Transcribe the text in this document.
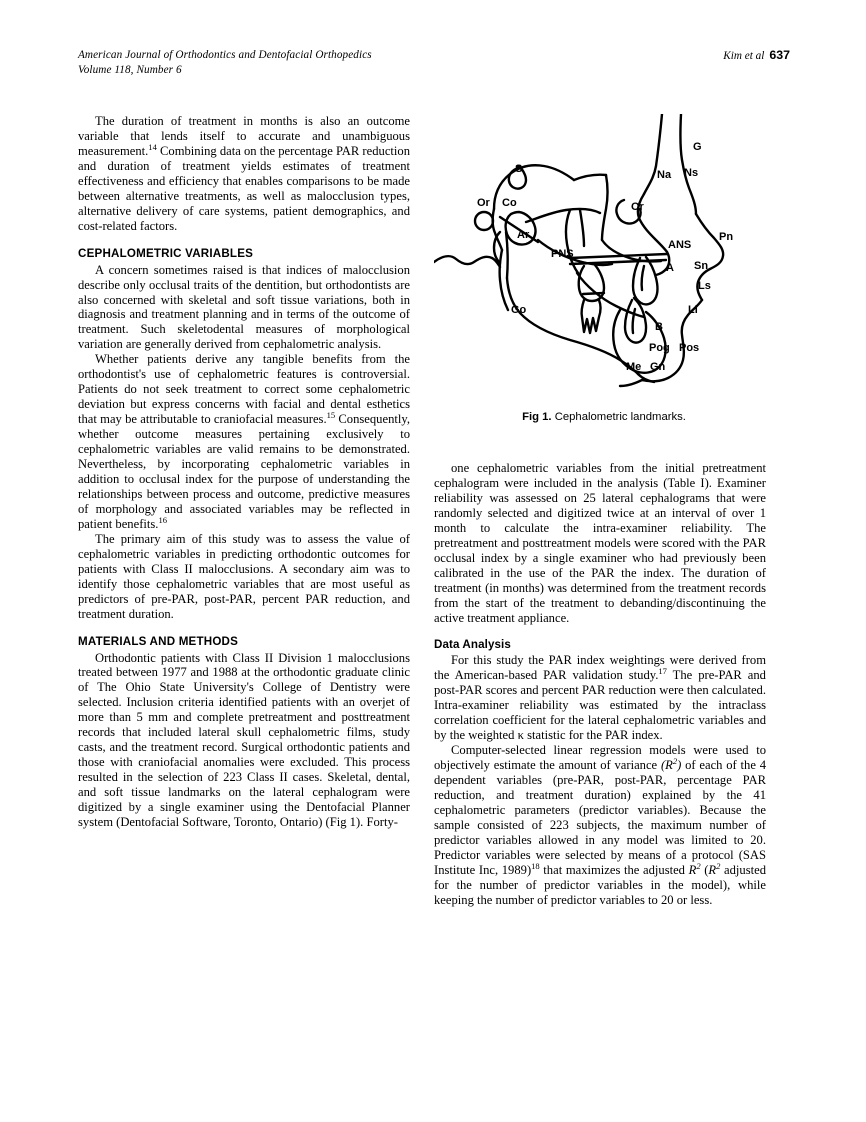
American Journal of Orthodontics and Dentofacial Orthopedics
Volume 118, Number 6
Kim et al 637

The duration of treatment in months is also an outcome variable that lends itself to accurate and unambiguous measurement.$^{14}$ Combining data on the percentage PAR reduction and duration of treatment yields estimates of treatment effectiveness and efficiency that enables comparisons to be made between alternative treatments, as well as malocclusion types, alternative delivery of care systems, patient demographics, and cost-related factors.

CEPHALOMETRIC VARIABLES

A concern sometimes raised is that indices of malocclusion describe only occlusal traits of the dentition, but orthodontists are also concerned with skeletal and soft tissue variations, both in diagnosis and treatment planning and in terms of the outcome of treatment. Such skeletodental measures of morphological variation are generally derived from cephalometric analysis.

Whether patients derive any tangible benefits from the orthodontist's use of cephalometric features is controversial. Patients do not seek treatment to correct some cephalometric deviation but express concerns with facial and dental esthetics that may be attributable to craniofacial measures.$^{15}$ Consequently, whether outcome measures pertaining exclusively to cephalometric variables are valid remains to be demonstrated. Nevertheless, by incorporating cephalometric variables in addition to occlusal index for the purpose of understanding the relationships between process and outcome, predictive measures of morphology and associated variables may be reflected in patient benefits.$^{16}$

The primary aim of this study was to assess the value of cephalometric variables in predicting orthodontic outcomes for patients with Class II malocclusions. A secondary aim was to identify those cephalometric variables that are most useful as predictors of pre-PAR, post-PAR, percent PAR reduction, and treatment duration.

MATERIALS AND METHODS

Orthodontic patients with Class II Division 1 malocclusions treated between 1977 and 1988 at the orthodontic graduate clinic of The Ohio State University's College of Dentistry were selected. Inclusion criteria identified patients with an overjet of more than 5 mm and complete pretreatment and posttreatment records that included lateral skull cephalometric films, study casts, and the treatment record. Surgical orthodontic patients and those with craniofacial anomalies were excluded. This process resulted in the selection of 223 Class II cases. Skeletal, dental, and soft tissue landmarks on the lateral cephalogram were digitized by a single examiner using the Dentofacial Planner system (Dentofacial Software, Toronto, Ontario) (Fig 1). Forty-

G
Ns
Na
S
Or Co
Ar
Or
Pn
ANS
PNS
A Sn
Ls
Li
Go
B
Pog Pos
Me Gn

Fig 1. Cephalometric landmarks.

one cephalometric variables from the initial pretreatment cephalogram were included in the analysis (Table I). Examiner reliability was assessed on 25 lateral cephalograms that were randomly selected and digitized twice at an interval of over 1 month to calculate the intra-examiner reliability. The pretreatment and posttreatment models were scored with the PAR occlusal index by a single examiner who had previously been calibrated in the use of the PAR the index. The duration of treatment (in months) was determined from the treatment records from the start of the treatment to debanding/discontinuing the active treatment appliance.

Data Analysis

For this study the PAR index weightings were derived from the American-based PAR validation study.$^{17}$ The pre-PAR and post-PAR scores and percent PAR reduction were then calculated. Intra-examiner reliability was estimated by the intraclass correlation coefficient for the lateral cephalometric variables and by the weighted κ statistic for the PAR index.

Computer-selected linear regression models were used to objectively estimate the amount of variance $(R^2)$ of each of the 4 dependent variables (pre-PAR, post-PAR, percentage PAR reduction, and treatment duration) explained by the 41 cephalometric parameters (predictor variables). Because the sample consisted of 223 subjects, the maximum number of predictor variables allowed in any model was limited to 20. Predictor variables were selected by means of a protocol (SAS Institute Inc, 1989)$^{18}$ that maximizes the adjusted $R^2$ ($R^2$ adjusted for the number of predictor variables in the model), while keeping the number of predictor variables to 20 or less.
